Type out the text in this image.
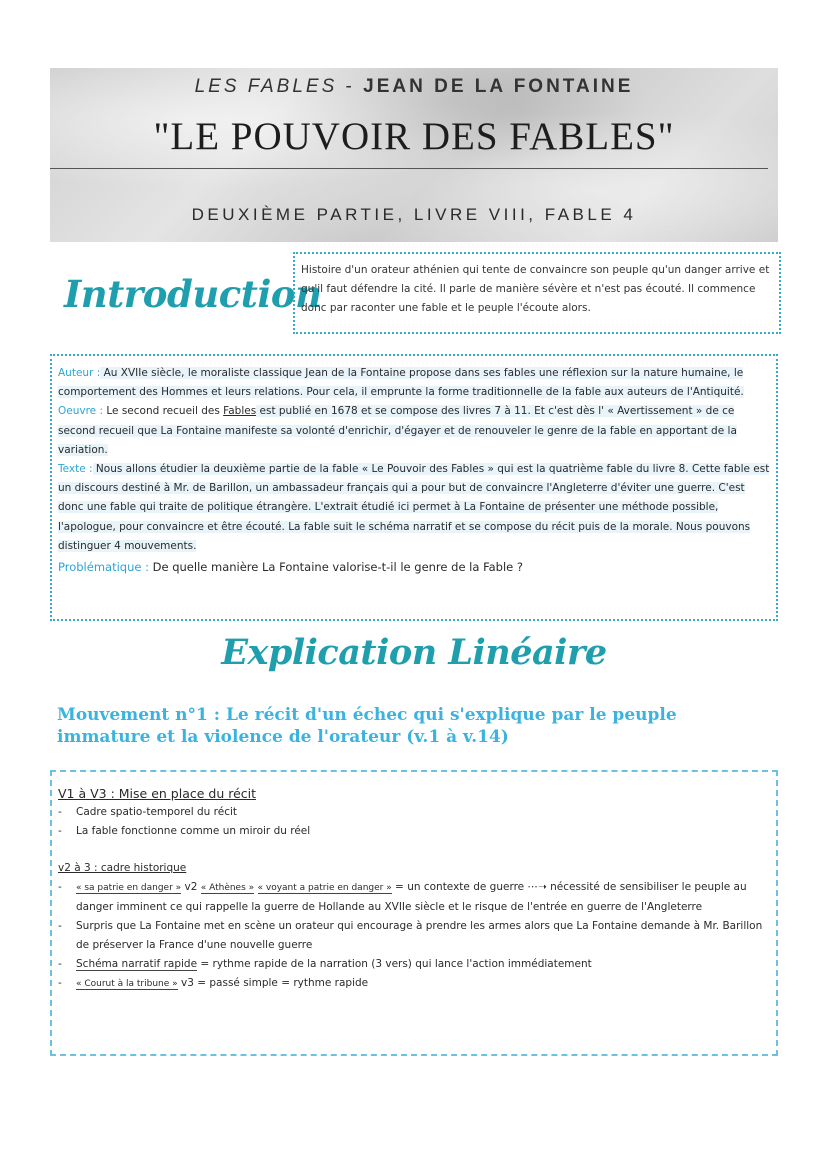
LES FABLES - JEAN DE LA FONTAINE
"LE POUVOIR DES FABLES"
DEUXIÈME PARTIE, LIVRE VIII, FABLE 4
Introduction
Histoire d'un orateur athénien qui tente de convaincre son peuple qu'un danger arrive et qu'il faut défendre la cité. Il parle de manière sévère et n'est pas écouté. Il commence donc par raconter une fable et le peuple l'écoute alors.

Auteur : Au XVIIe siècle, le moraliste classique Jean de la Fontaine propose dans ses fables une réflexion sur la nature humaine, le comportement des Hommes et leurs relations. Pour cela, il emprunte la forme traditionnelle de la fable aux auteurs de l'Antiquité.

Oeuvre : Le second recueil des Fables est publié en 1678 et se compose des livres 7 à 11. Et c'est dès l' « Avertissement » de ce second recueil que La Fontaine manifeste sa volonté d'enrichir, d'égayer et de renouveler le genre de la fable en apportant de la variation.

Texte : Nous allons étudier la deuxième partie de la fable « Le Pouvoir des Fables » qui est la quatrième fable du livre 8. Cette fable est un discours destiné à Mr. de Barillon, un ambassadeur français qui a pour but de convaincre l'Angleterre d'éviter une guerre. C'est donc une fable qui traite de politique étrangère. L'extrait étudié ici permet à La Fontaine de présenter une méthode possible, l'apologue, pour convaincre et être écouté. La fable suit le schéma narratif et se compose du récit puis de la morale. Nous pouvons distinguer 4 mouvements.

Problématique : De quelle manière La Fontaine valorise-t-il le genre de la Fable ?

Explication Linéaire
Mouvement n°1 : Le récit d'un échec qui s'explique par le peuple immature et la violence de l'orateur (v.1 à v.14)
V1 à V3 : Mise en place du récit
- Cadre spatio-temporel du récit
- La fable fonctionne comme un miroir du réel
v2 à 3 : cadre historique
- « sa patrie en danger » v2 « Athènes » « voyant a patrie en danger » = un contexte de guerre ⋯➝ nécessité de sensibiliser le peuple au danger imminent ce qui rappelle la guerre de Hollande au XVIIe siècle et le risque de l'entrée en guerre de l'Angleterre
- Surpris que La Fontaine met en scène un orateur qui encourage à prendre les armes alors que La Fontaine demande à Mr. Barillon de préserver la France d'une nouvelle guerre
- Schéma narratif rapide = rythme rapide de la narration (3 vers) qui lance l'action immédiatement
- « Courut à la tribune » v3 = passé simple = rythme rapide
